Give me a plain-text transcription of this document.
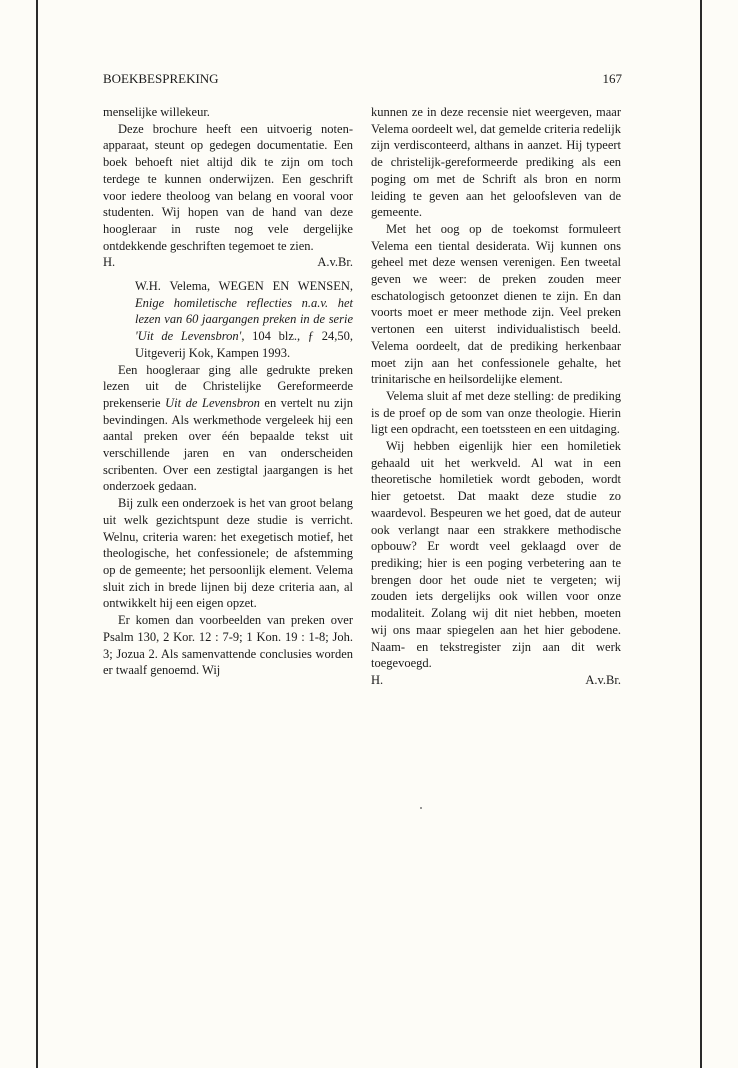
BOEKBESPREKING	167

menselijke willekeur.

Deze brochure heeft een uitvoerig notenapparaat, steunt op gedegen documentatie. Een boek behoeft niet altijd dik te zijn om toch terdege te kunnen onderwijzen. Een geschrift voor iedere theoloog van belang en vooral voor studenten. Wij hopen van de hand van deze hoogleraar in ruste nog vele dergelijke ontdekkende geschriften tegemoet te zien.

H.	A.v.Br.

W.H. Velema, WEGEN EN WENSEN, Enige homiletische reflecties n.a.v. het lezen van 60 jaargangen preken in de serie 'Uit de Levensbron', 104 blz., ƒ 24,50, Uitgeverij Kok, Kampen 1993.

Een hoogleraar ging alle gedrukte preken lezen uit de Christelijke Gereformeerde prekenserie Uit de Levensbron en vertelt nu zijn bevindingen. Als werkmethode vergeleek hij een aantal preken over één bepaalde tekst uit verschillende jaren en van onderscheiden scribenten. Over een zestigtal jaargangen is het onderzoek gedaan.

Bij zulk een onderzoek is het van groot belang uit welk gezichtspunt deze studie is verricht. Welnu, criteria waren: het exegetisch motief, het theologische, het confessionele; de afstemming op de gemeente; het persoonlijk element. Velema sluit zich in brede lijnen bij deze criteria aan, al ontwikkelt hij een eigen opzet.

Er komen dan voorbeelden van preken over Psalm 130, 2 Kor. 12 : 7-9; 1 Kon. 19 : 1-8; Joh. 3; Jozua 2. Als samenvattende conclusies worden er twaalf genoemd. Wij

kunnen ze in deze recensie niet weergeven, maar Velema oordeelt wel, dat gemelde criteria redelijk zijn verdisconteerd, althans in aanzet. Hij typeert de christelijk-gereformeerde prediking als een poging om met de Schrift als bron en norm leiding te geven aan het geloofsleven van de gemeente.

Met het oog op de toekomst formuleert Velema een tiental desiderata. Wij kunnen ons geheel met deze wensen verenigen. Een tweetal geven we weer: de preken zouden meer eschatologisch getoonzet dienen te zijn. En dan voorts moet er meer methode zijn. Veel preken vertonen een uiterst individualistisch beeld. Velema oordeelt, dat de prediking herkenbaar moet zijn aan het confessionele gehalte, het trinitarische en heilsordelijke element.

Velema sluit af met deze stelling: de prediking is de proef op de som van onze theologie. Hierin ligt een opdracht, een toetssteen en een uitdaging.

Wij hebben eigenlijk hier een homiletiek gehaald uit het werkveld. Al wat in een theoretische homiletiek wordt geboden, wordt hier getoetst. Dat maakt deze studie zo waardevol. Bespeuren we het goed, dat de auteur ook verlangt naar een strakkere methodische opbouw? Er wordt veel geklaagd over de prediking; hier is een poging verbetering aan te brengen door het oude niet te vergeten; wij zouden iets dergelijks ook willen voor onze modaliteit. Zolang wij dit niet hebben, moeten wij ons maar spiegelen aan het hier gebodene. Naam- en tekstregister zijn aan dit werk toegevoegd.

H.	A.v.Br.
